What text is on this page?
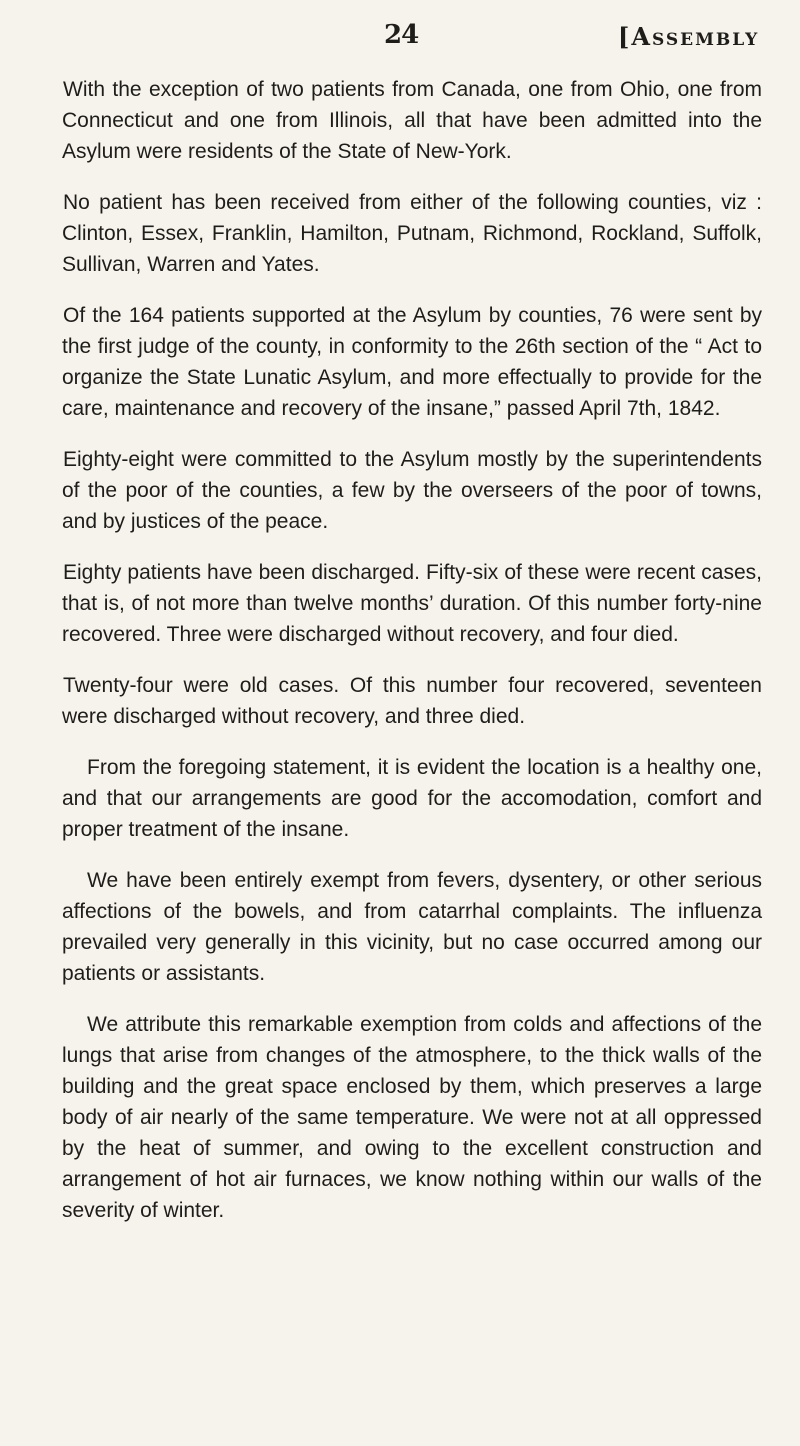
24	[Assembly

With the exception of two patients from Canada, one from Ohio, one from Connecticut and one from Illinois, all that have been admitted into the Asylum were residents of the State of New-York.

No patient has been received from either of the following counties, viz : Clinton, Essex, Franklin, Hamilton, Putnam, Richmond, Rockland, Suffolk, Sullivan, Warren and Yates.

Of the 164 patients supported at the Asylum by counties, 76 were sent by the first judge of the county, in conformity to the 26th section of the “ Act to organize the State Lunatic Asylum, and more effectually to provide for the care, maintenance and recovery of the insane,” passed April 7th, 1842.

Eighty-eight were committed to the Asylum mostly by the superintendents of the poor of the counties, a few by the overseers of the poor of towns, and by justices of the peace.

Eighty patients have been discharged. Fifty-six of these were recent cases, that is, of not more than twelve months’ duration. Of this number forty-nine recovered. Three were discharged without recovery, and four died.

Twenty-four were old cases. Of this number four recovered, seventeen were discharged without recovery, and three died.

From the foregoing statement, it is evident the location is a healthy one, and that our arrangements are good for the accomodation, comfort and proper treatment of the insane.

We have been entirely exempt from fevers, dysentery, or other serious affections of the bowels, and from catarrhal complaints. The influenza prevailed very generally in this vicinity, but no case occurred among our patients or assistants.

We attribute this remarkable exemption from colds and affections of the lungs that arise from changes of the atmosphere, to the thick walls of the building and the great space enclosed by them, which preserves a large body of air nearly of the same temperature. We were not at all oppressed by the heat of summer, and owing to the excellent construction and arrangement of hot air furnaces, we know nothing within our walls of the severity of winter.
